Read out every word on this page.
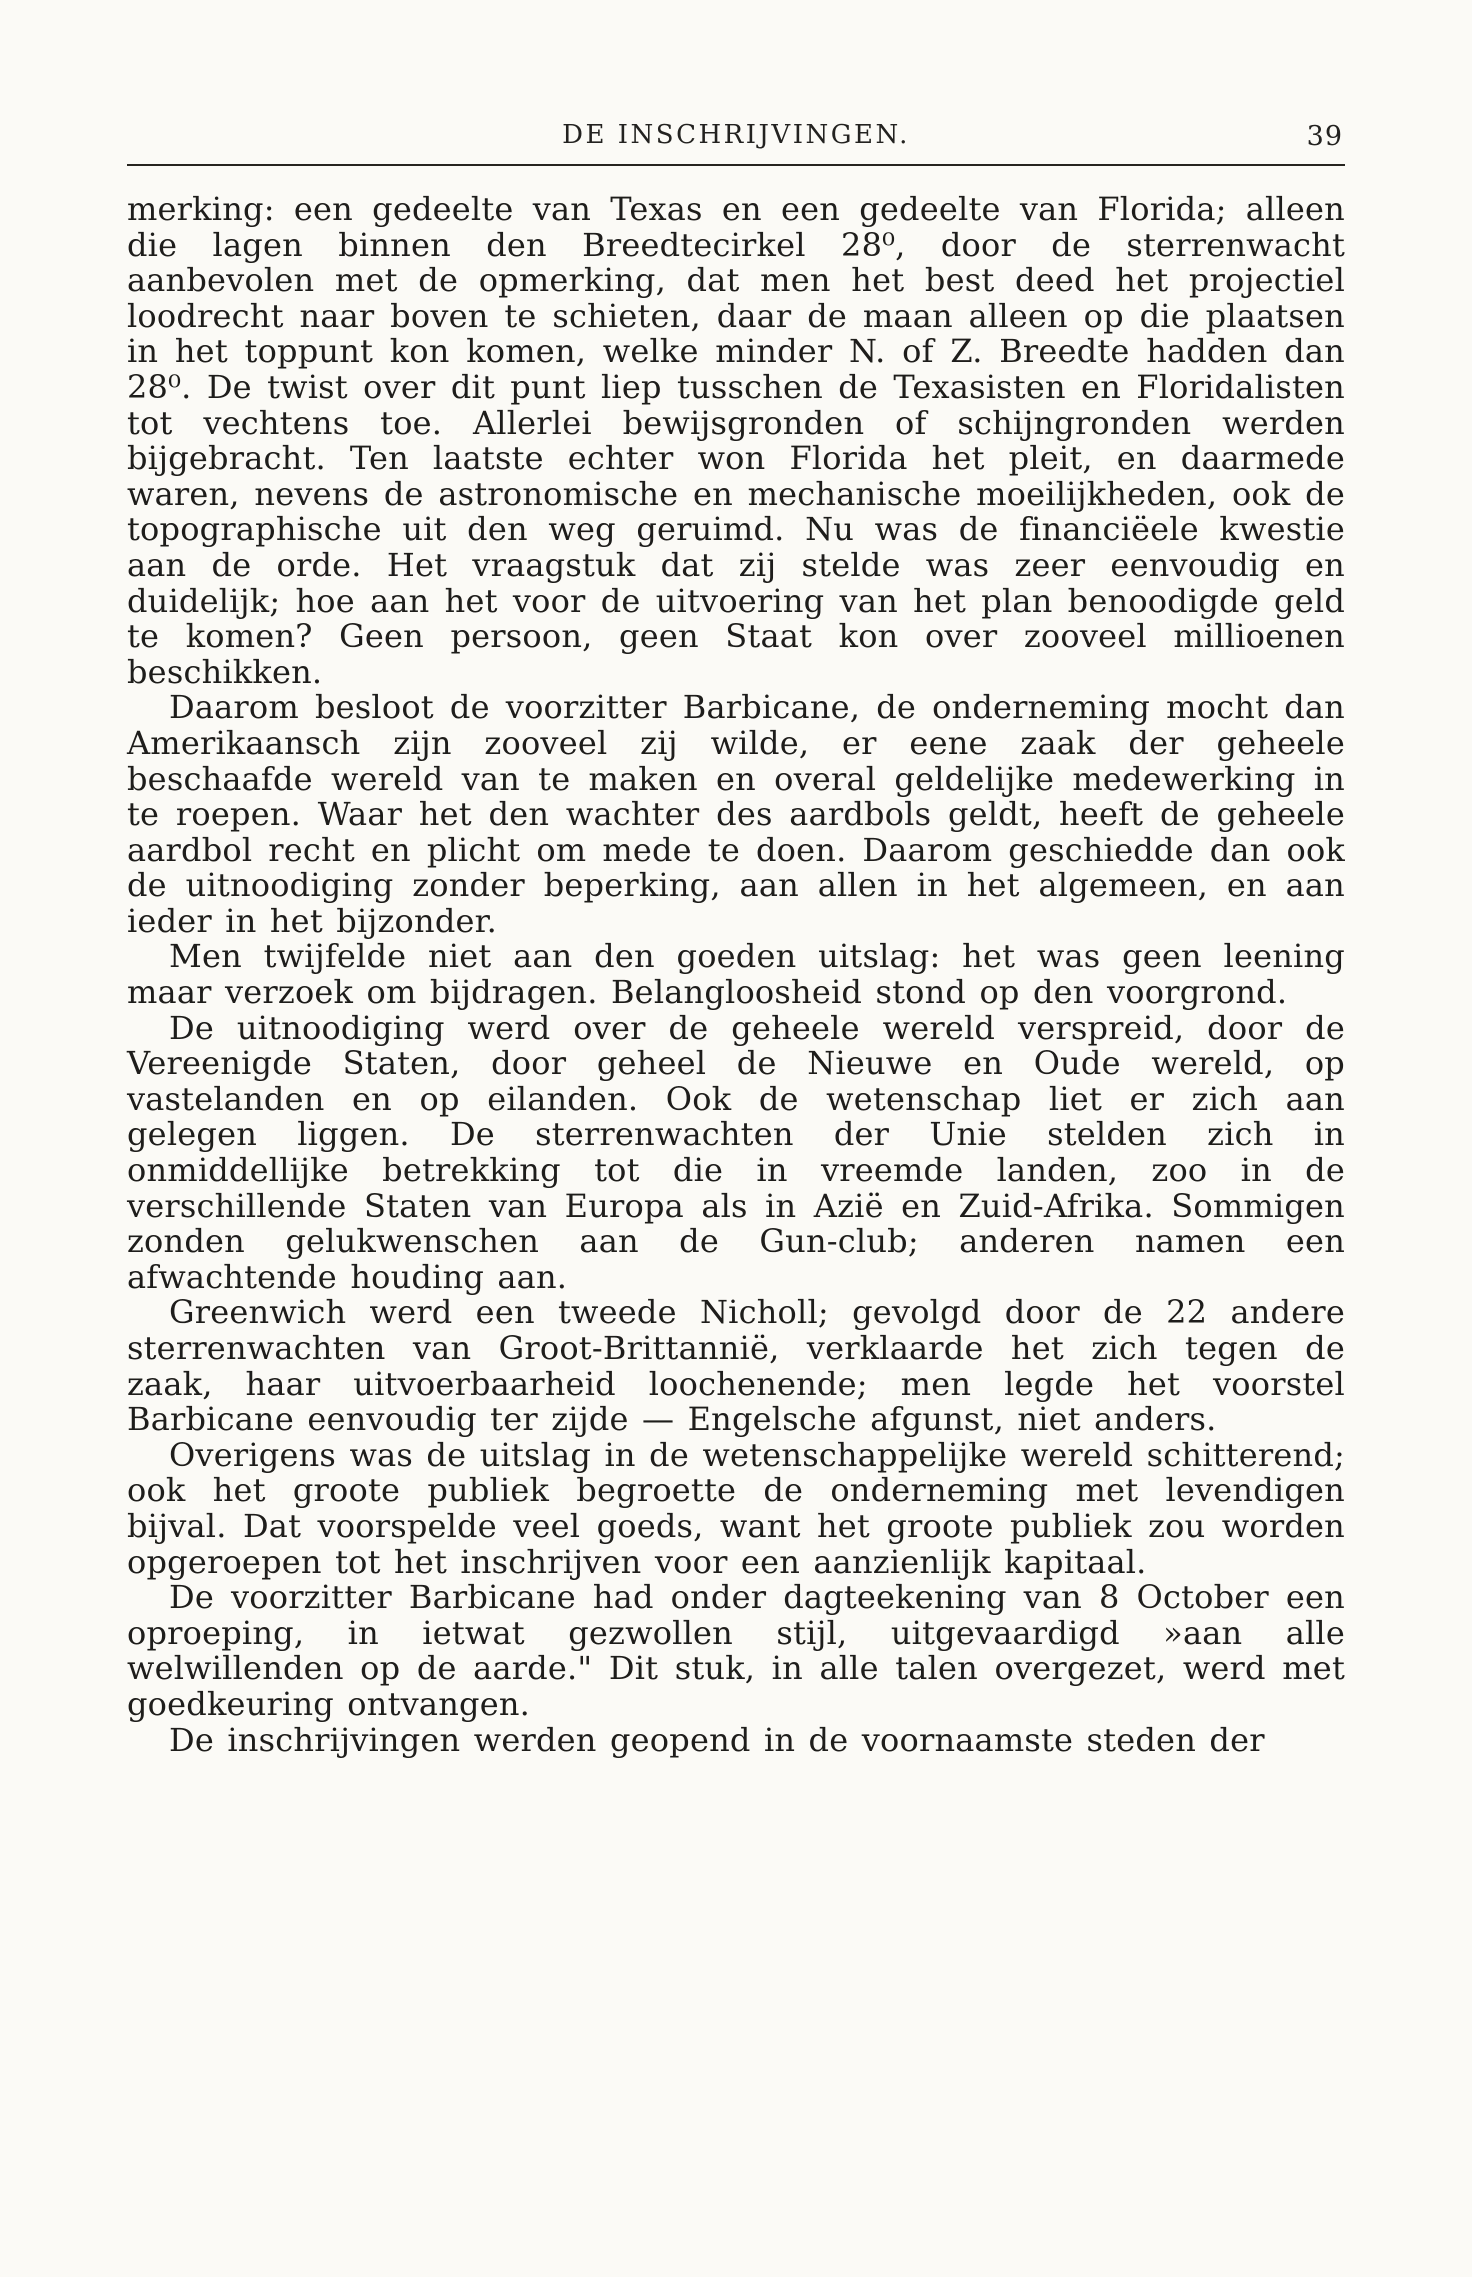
DE INSCHRIJVINGEN.	39

merking: een gedeelte van Texas en een gedeelte van Florida; alleen die lagen binnen den Breedtecirkel 28⁰, door de sterrenwacht aanbevolen met de opmerking, dat men het best deed het projectiel loodrecht naar boven te schieten, daar de maan alleen op die plaatsen in het toppunt kon komen, welke minder N. of Z. Breedte hadden dan 28⁰. De twist over dit punt liep tusschen de Texasisten en Floridalisten tot vechtens toe. Allerlei bewijsgronden of schijngronden werden bijgebracht. Ten laatste echter won Florida het pleit, en daarmede waren, nevens de astronomische en mechanische moeilijkheden, ook de topographische uit den weg geruimd. Nu was de financiëele kwestie aan de orde. Het vraagstuk dat zij stelde was zeer eenvoudig en duidelijk; hoe aan het voor de uitvoering van het plan benoodigde geld te komen? Geen persoon, geen Staat kon over zooveel millioenen beschikken.

Daarom besloot de voorzitter Barbicane, de onderneming mocht dan Amerikaansch zijn zooveel zij wilde, er eene zaak der geheele beschaafde wereld van te maken en overal geldelijke medewerking in te roepen. Waar het den wachter des aardbols geldt, heeft de geheele aardbol recht en plicht om mede te doen. Daarom geschiedde dan ook de uitnoodiging zonder beperking, aan allen in het algemeen, en aan ieder in het bijzonder.

Men twijfelde niet aan den goeden uitslag: het was geen leening maar verzoek om bijdragen. Belangloosheid stond op den voorgrond.

De uitnoodiging werd over de geheele wereld verspreid, door de Vereenigde Staten, door geheel de Nieuwe en Oude wereld, op vastelanden en op eilanden. Ook de wetenschap liet er zich aan gelegen liggen. De sterrenwachten der Unie stelden zich in onmiddellijke betrekking tot die in vreemde landen, zoo in de verschillende Staten van Europa als in Azië en Zuid-Afrika. Sommigen zonden gelukwenschen aan de Gun-club; anderen namen een afwachtende houding aan.

Greenwich werd een tweede Nicholl; gevolgd door de 22 andere sterrenwachten van Groot-Brittannië, verklaarde het zich tegen de zaak, haar uitvoerbaarheid loochenende; men legde het voorstel Barbicane eenvoudig ter zijde — Engelsche afgunst, niet anders.

Overigens was de uitslag in de wetenschappelijke wereld schitterend; ook het groote publiek begroette de onderneming met levendigen bijval. Dat voorspelde veel goeds, want het groote publiek zou worden opgeroepen tot het inschrijven voor een aanzienlijk kapitaal.

De voorzitter Barbicane had onder dagteekening van 8 October een oproeping, in ietwat gezwollen stijl, uitgevaardigd »aan alle welwillenden op de aarde." Dit stuk, in alle talen overgezet, werd met goedkeuring ontvangen.

De inschrijvingen werden geopend in de voornaamste steden der
